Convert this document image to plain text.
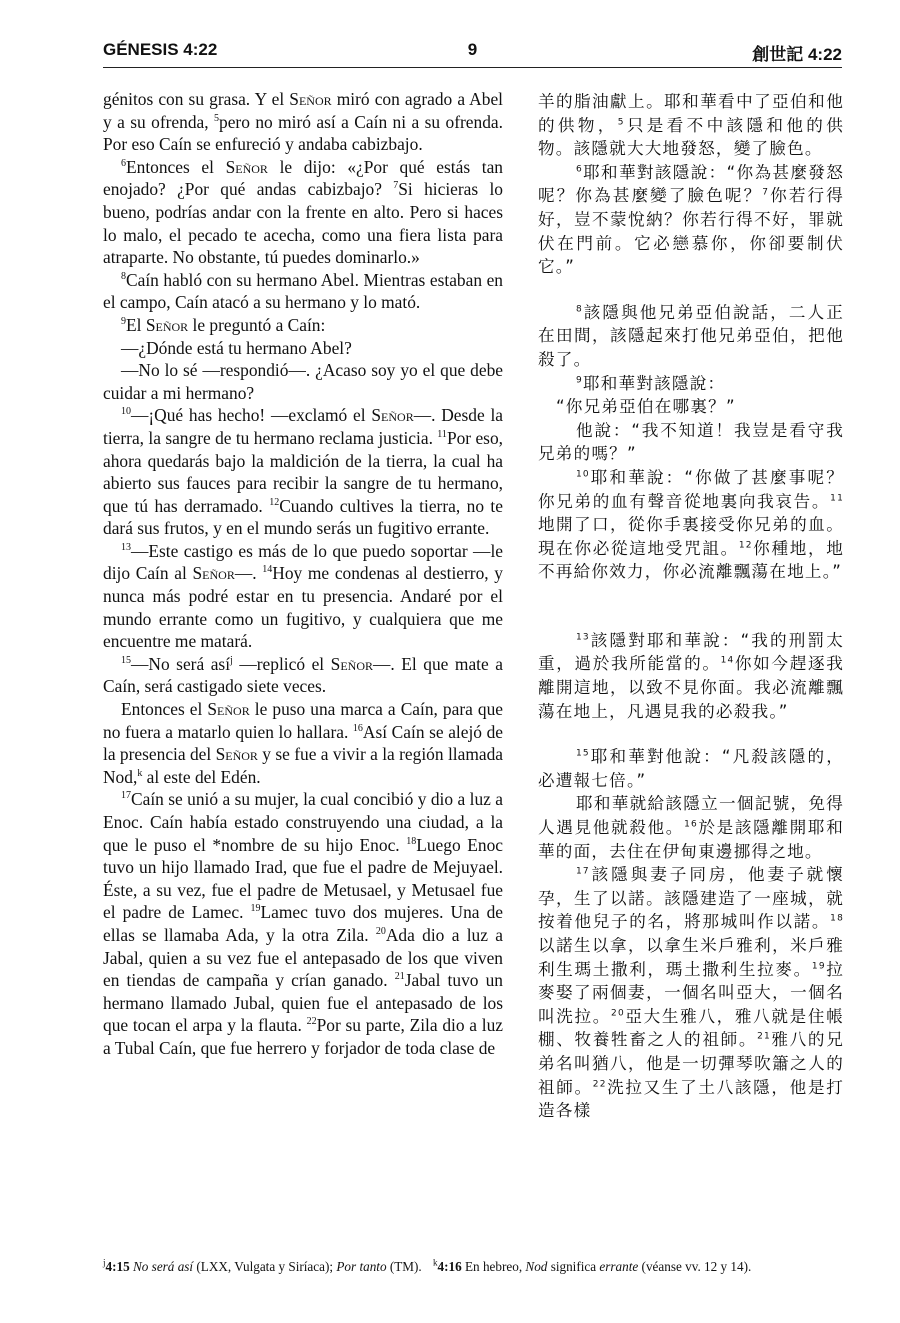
GÉNESIS 4:22	9	創世記 4:22

génitos con su grasa. Y el Señor miró con agrado a Abel y a su ofrenda, $^5$pero no miró así a Caín ni a su ofrenda. Por eso Caín se enfureció y andaba cabizbajo.

$^6$Entonces el Señor le dijo: «¿Por qué estás tan enojado? ¿Por qué andas cabizbajo? $^7$Si hicieras lo bueno, podrías andar con la frente en alto. Pero si haces lo malo, el pecado te acecha, como una fiera lista para atraparte. No obstante, tú puedes dominarlo.»

$^8$Caín habló con su hermano Abel. Mientras estaban en el campo, Caín atacó a su hermano y lo mató.

$^9$El Señor le preguntó a Caín:

—¿Dónde está tu hermano Abel?

—No lo sé —respondió—. ¿Acaso soy yo el que debe cuidar a mi hermano?

$^{10}$—¡Qué has hecho! —exclamó el Señor—. Desde la tierra, la sangre de tu hermano reclama justicia. $^{11}$Por eso, ahora quedarás bajo la maldición de la tierra, la cual ha abierto sus fauces para recibir la sangre de tu hermano, que tú has derramado. $^{12}$Cuando cultives la tierra, no te dará sus frutos, y en el mundo serás un fugitivo errante.

$^{13}$—Este castigo es más de lo que puedo soportar —le dijo Caín al Señor—. $^{14}$Hoy me condenas al destierro, y nunca más podré estar en tu presencia. Andaré por el mundo errante como un fugitivo, y cualquiera que me encuentre me matará.

$^{15}$—No será así$^j$ —replicó el Señor—. El que mate a Caín, será castigado siete veces.

Entonces el Señor le puso una marca a Caín, para que no fuera a matarlo quien lo hallara. $^{16}$Así Caín se alejó de la presencia del Señor y se fue a vivir a la región llamada Nod,$^k$ al este del Edén.

$^{17}$Caín se unió a su mujer, la cual concibió y dio a luz a Enoc. Caín había estado construyendo una ciudad, a la que le puso el *nombre de su hijo Enoc. $^{18}$Luego Enoc tuvo un hijo llamado Irad, que fue el padre de Mejuyael. Éste, a su vez, fue el padre de Metusael, y Metusael fue el padre de Lamec. $^{19}$Lamec tuvo dos mujeres. Una de ellas se llamaba Ada, y la otra Zila. $^{20}$Ada dio a luz a Jabal, quien a su vez fue el antepasado de los que viven en tiendas de campaña y crían ganado. $^{21}$Jabal tuvo un hermano llamado Jubal, quien fue el antepasado de los que tocan el arpa y la flauta. $^{22}$Por su parte, Zila dio a luz a Tubal Caín, que fue herrero y forjador de toda clase de

羊的脂油獻上。耶和華看中了亞伯和他的供物，$^5$只是看不中該隱和他的供物。該隱就大大地發怒，變了臉色。

$^6$耶和華對該隱說：“你為甚麼發怒呢？你為甚麼變了臉色呢？$^7$你若行得好，豈不蒙悅納？你若行得不好，罪就伏在門前。它必戀慕你，你卻要制伏它。”

$^8$該隱與他兄弟亞伯說話，二人正在田間，該隱起來打他兄弟亞伯，把他殺了。

$^9$耶和華對該隱說：

“你兄弟亞伯在哪裏？”

他說：“我不知道！我豈是看守我兄弟的嗎？”

$^{10}$耶和華說：“你做了甚麼事呢？你兄弟的血有聲音從地裏向我哀告。$^{11}$地開了口，從你手裏接受你兄弟的血。現在你必從這地受咒詛。$^{12}$你種地，地不再給你效力，你必流離飄蕩在地上。”

$^{13}$該隱對耶和華說：“我的刑罰太重，過於我所能當的。$^{14}$你如今趕逐我離開這地，以致不見你面。我必流離飄蕩在地上，凡遇見我的必殺我。”

$^{15}$耶和華對他說：“凡殺該隱的，必遭報七倍。”

耶和華就給該隱立一個記號，免得人遇見他就殺他。$^{16}$於是該隱離開耶和華的面，去住在伊甸東邊挪得之地。

$^{17}$該隱與妻子同房，他妻子就懷孕，生了以諾。該隱建造了一座城，就按着他兒子的名，將那城叫作以諾。$^{18}$以諾生以拿，以拿生米戶雅利，米戶雅利生瑪土撒利，瑪土撒利生拉麥。$^{19}$拉麥娶了兩個妻，一個名叫亞大，一個名叫洗拉。$^{20}$亞大生雅八，雅八就是住帳棚、牧養牲畜之人的祖師。$^{21}$雅八的兄弟名叫猶八，他是一切彈琴吹簫之人的祖師。$^{22}$洗拉又生了土八該隱，他是打造各樣

$^j$4:15 No será así (LXX, Vulgata y Siríaca); Por tanto (TM). $^k$4:16 En hebreo, Nod significa errante (véanse vv. 12 y 14).
